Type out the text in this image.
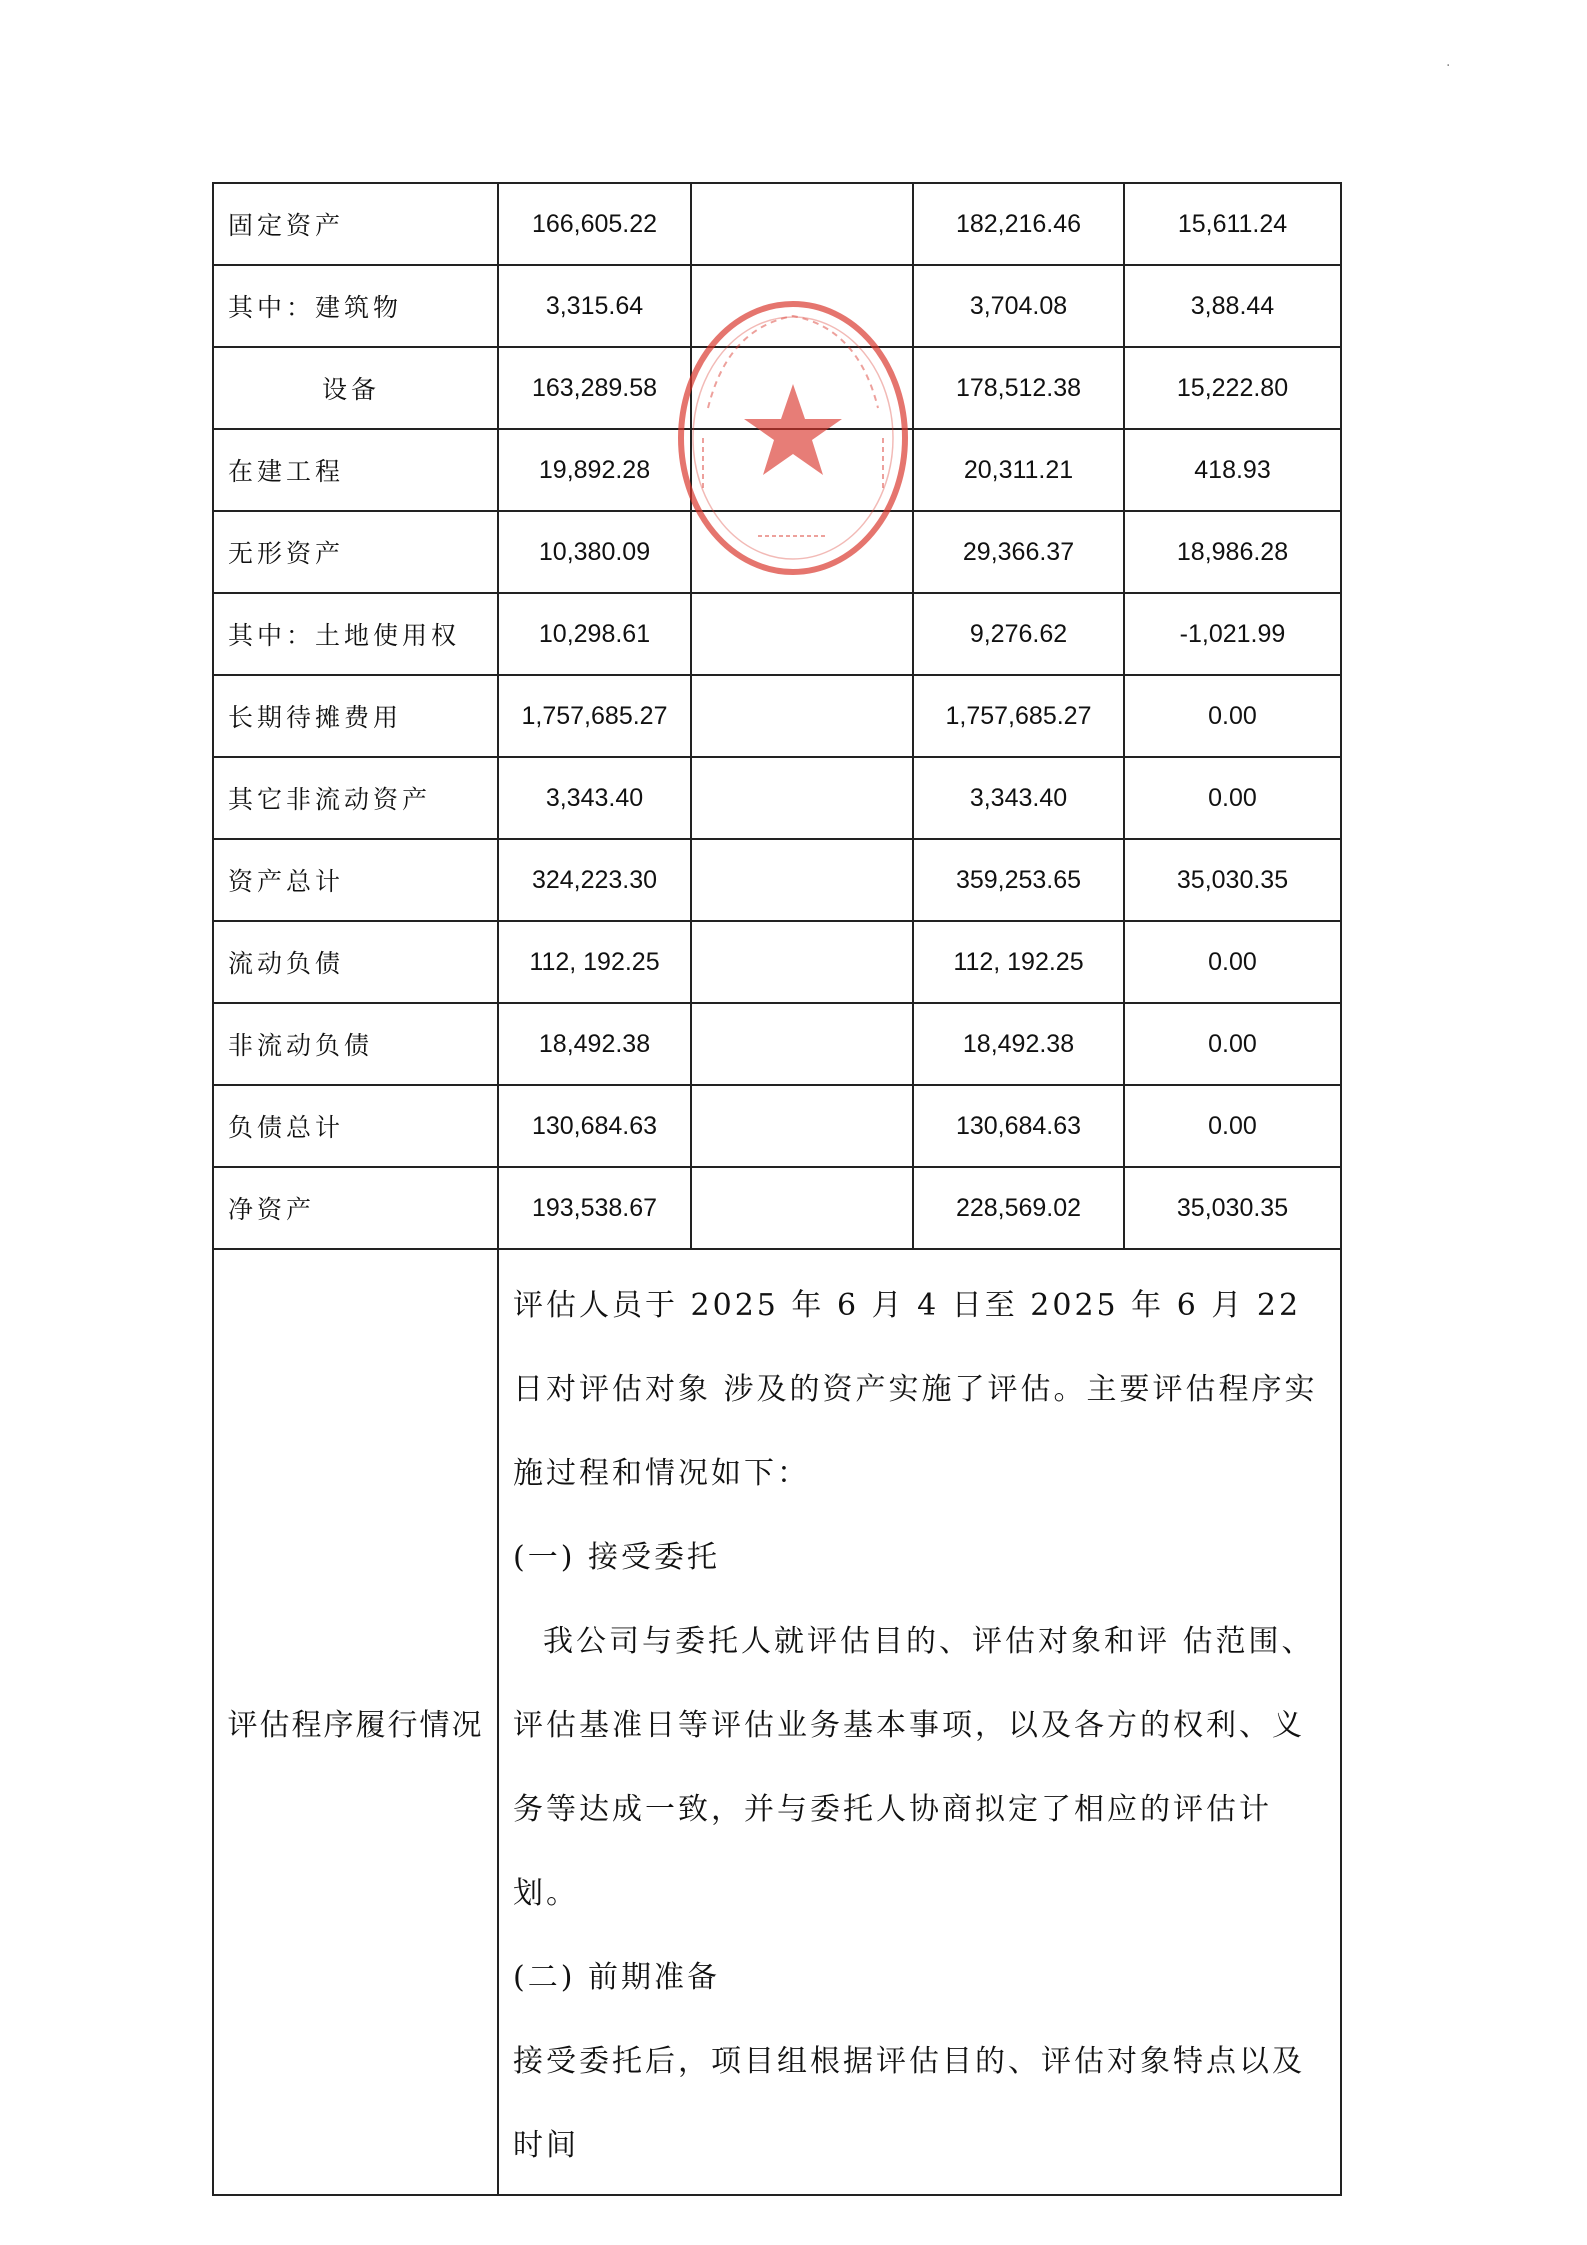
·
固定资产	166,605.22		182,216.46	15,611.24
其中：建筑物	3,315.64		3,704.08	3,88.44
设备	163,289.58		178,512.38	15,222.80
在建工程	19,892.28		20,311.21	418.93
无形资产	10,380.09		29,366.37	18,986.28
其中：土地使用权	10,298.61		9,276.62	-1,021.99
长期待摊费用	1,757,685.27		1,757,685.27	0.00
其它非流动资产	3,343.40		3,343.40	0.00
资产总计	324,223.30		359,253.65	35,030.35
流动负债	112, 192.25		112, 192.25	0.00
非流动负债	18,492.38		18,492.38	0.00
负债总计	130,684.63		130,684.63	0.00
净资产	193,538.67		228,569.02	35,030.35
评估程序履行情况	评估人员于 2025 年 6 月 4 日至 2025 年 6 月 22 日对评估对象 涉及的资产实施了评估。主要评估程序实施过程和情况如下：

(一) 接受委托

我公司与委托人就评估目的、评估对象和评 估范围、评估基准日等评估业务基本事项，以及各方的权利、义务等达成一致，并与委托人协商拟定了相应的评估计划。

(二) 前期准备

接受委托后，项目组根据评估目的、评估对象特点以及时间			
